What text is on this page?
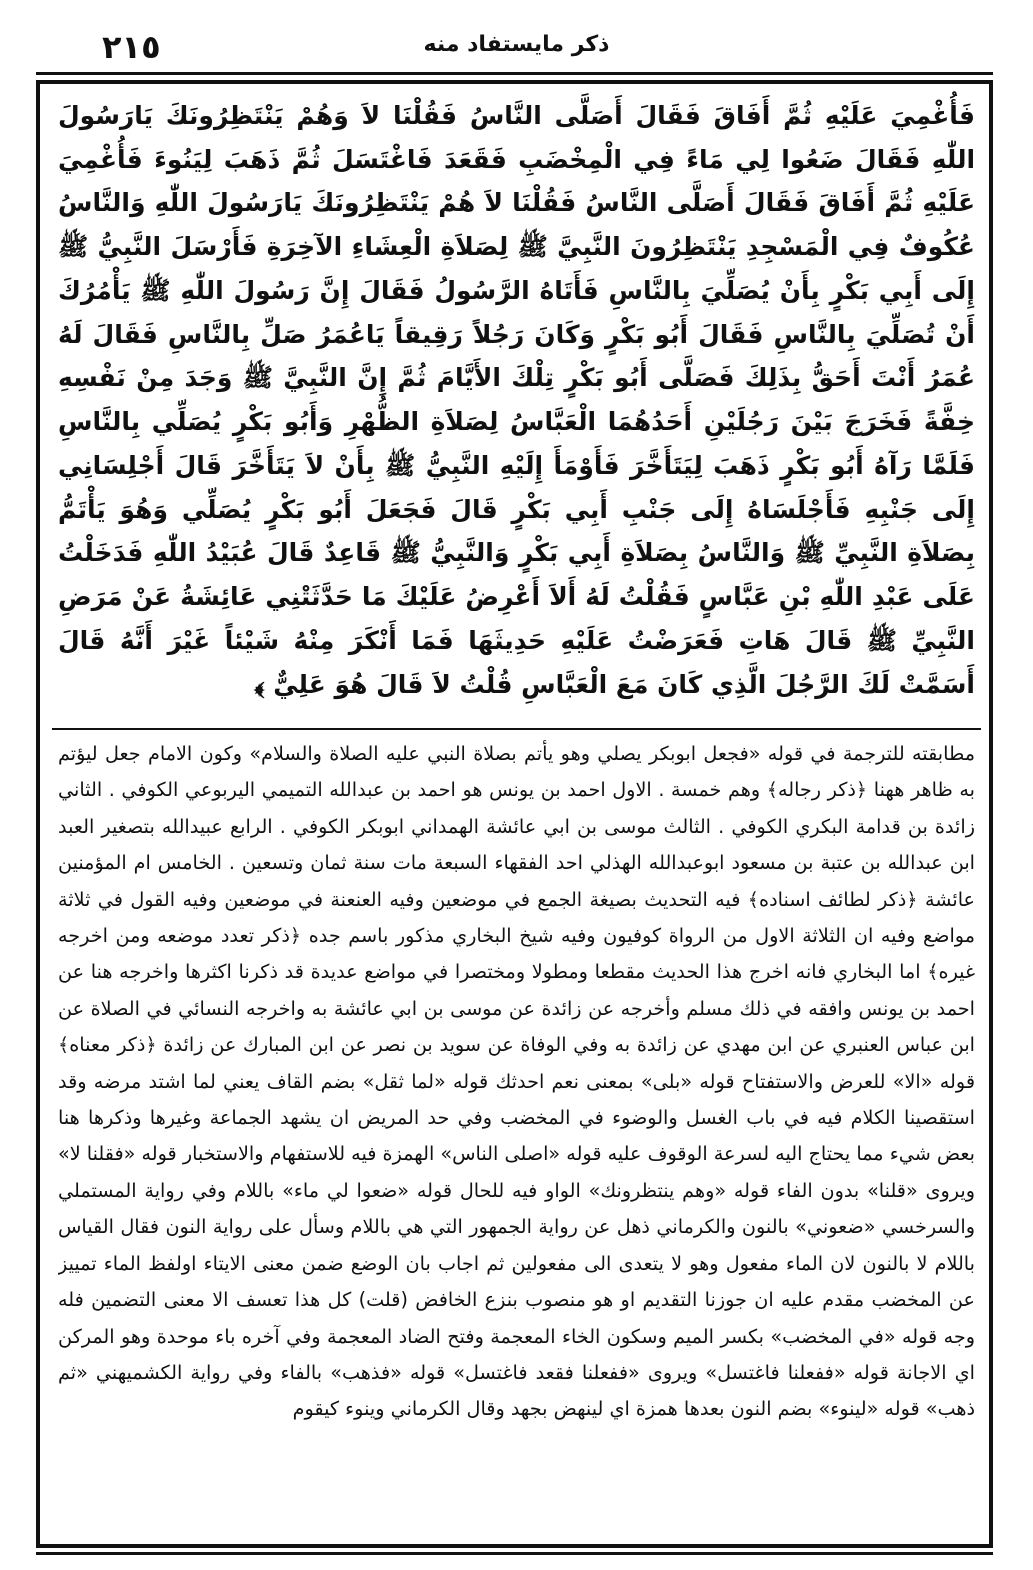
٢١٥	ذكر مايستفاد منه
فَأُغْمِيَ عَلَيْهِ ثُمَّ أَفَاقَ فَقَالَ أَصَلَّى النَّاسُ فَقُلْنَا لاَ وَهُمْ يَنْتَظِرُونَكَ يَارَسُولَ اللّٰهِ فَقَالَ ضَعُوا لِي مَاءً فِي الْمِخْضَبِ فَقَعَدَ فَاغْتَسَلَ ثُمَّ ذَهَبَ لِيَنُوءَ فَأُغْمِيَ عَلَيْهِ ثُمَّ أَفَاقَ فَقَالَ أَصَلَّى النَّاسُ فَقُلْنَا لاَ هُمْ يَنْتَظِرُونَكَ يَارَسُولَ اللّٰهِ وَالنَّاسُ عُكُوفٌ فِي الْمَسْجِدِ يَنْتَظِرُونَ النَّبِيَّ ﷺ لِصَلاَةِ الْعِشَاءِ الآخِرَةِ فَأَرْسَلَ النَّبِيُّ ﷺ إِلَى أَبِي بَكْرٍ بِأَنْ يُصَلِّيَ بِالنَّاسِ فَأَتَاهُ الرَّسُولُ فَقَالَ إِنَّ رَسُولَ اللّٰهِ ﷺ يَأْمُرُكَ أَنْ تُصَلِّيَ بِالنَّاسِ فَقَالَ أَبُو بَكْرٍ وَكَانَ رَجُلاً رَقِيقاً يَاعُمَرُ صَلِّ بِالنَّاسِ فَقَالَ لَهُ عُمَرُ أَنْتَ أَحَقُّ بِذَلِكَ فَصَلَّى أَبُو بَكْرٍ تِلْكَ الأَيَّامَ ثُمَّ إِنَّ النَّبِيَّ ﷺ وَجَدَ مِنْ نَفْسِهِ خِفَّةً فَخَرَجَ بَيْنَ رَجُلَيْنِ أَحَدُهُمَا الْعَبَّاسُ لِصَلاَةِ الظُّهْرِ وَأَبُو بَكْرٍ يُصَلِّي بِالنَّاسِ فَلَمَّا رَآهُ أَبُو بَكْرٍ ذَهَبَ لِيَتَأَخَّرَ فَأَوْمَأَ إِلَيْهِ النَّبِيُّ ﷺ بِأَنْ لاَ يَتَأَخَّرَ قَالَ أَجْلِسَانِي إِلَى جَنْبِهِ فَأَجْلَسَاهُ إِلَى جَنْبِ أَبِي بَكْرٍ قَالَ فَجَعَلَ أَبُو بَكْرٍ يُصَلِّي وَهُوَ يَأْتَمُّ بِصَلاَةِ النَّبِيِّ ﷺ وَالنَّاسُ بِصَلاَةِ أَبِي بَكْرٍ وَالنَّبِيُّ ﷺ قَاعِدٌ قَالَ عُبَيْدُ اللّٰهِ فَدَخَلْتُ عَلَى عَبْدِ اللّٰهِ بْنِ عَبَّاسٍ فَقُلْتُ لَهُ أَلاَ أَعْرِضُ عَلَيْكَ مَا حَدَّثَتْنِي عَائِشَةُ عَنْ مَرَضِ النَّبِيِّ ﷺ قَالَ هَاتِ فَعَرَضْتُ عَلَيْهِ حَدِيثَهَا فَمَا أَنْكَرَ مِنْهُ شَيْئاً غَيْرَ أَنَّهُ قَالَ أَسَمَّتْ لَكَ الرَّجُلَ الَّذِي كَانَ مَعَ الْعَبَّاسِ قُلْتُ لاَ قَالَ هُوَ عَلِيٌّ ﴾

مطابقته للترجمة في قوله «فجعل ابوبكر يصلي وهو يأتم بصلاة النبي عليه الصلاة والسلام» وكون الامام جعل ليؤتم به ظاهر ههنا ﴿ذكر رجاله﴾ وهم خمسة . الاول احمد بن يونس هو احمد بن عبدالله التميمي اليربوعي الكوفي . الثاني زائدة بن قدامة البكري الكوفي . الثالث موسى بن ابي عائشة الهمداني ابوبكر الكوفي . الرابع عبيدالله بتصغير العبد ابن عبدالله بن عتبة بن مسعود ابوعبدالله الهذلي احد الفقهاء السبعة مات سنة ثمان وتسعين . الخامس ام المؤمنين عائشة ﴿ذكر لطائف اسناده﴾ فيه التحديث بصيغة الجمع في موضعين وفيه العنعنة في موضعين وفيه القول في ثلاثة مواضع وفيه ان الثلاثة الاول من الرواة كوفيون وفيه شيخ البخاري مذكور باسم جده ﴿ذكر تعدد موضعه ومن اخرجه غيره﴾ اما البخاري فانه اخرج هذا الحديث مقطعا ومطولا ومختصرا في مواضع عديدة قد ذكرنا اكثرها واخرجه هنا عن احمد بن يونس وافقه في ذلك مسلم وأخرجه عن زائدة عن موسى بن ابي عائشة به واخرجه النسائي في الصلاة عن ابن عباس العنبري عن ابن مهدي عن زائدة به وفي الوفاة عن سويد بن نصر عن ابن المبارك عن زائدة ﴿ذكر معناه﴾ قوله «الا» للعرض والاستفتاح قوله «بلى» بمعنى نعم احدثك قوله «لما ثقل» بضم القاف يعني لما اشتد مرضه وقد استقصينا الكلام فيه في باب الغسل والوضوء في المخضب وفي حد المريض ان يشهد الجماعة وغيرها وذكرها هنا بعض شيء مما يحتاج اليه لسرعة الوقوف عليه قوله «اصلى الناس» الهمزة فيه للاستفهام والاستخبار قوله «فقلنا لا» ويروى «قلنا» بدون الفاء قوله «وهم ينتظرونك» الواو فيه للحال قوله «ضعوا لي ماء» باللام وفي رواية المستملي والسرخسي «ضعوني» بالنون والكرماني ذهل عن رواية الجمهور التي هي باللام وسأل على رواية النون فقال القياس باللام لا بالنون لان الماء مفعول وهو لا يتعدى الى مفعولين ثم اجاب بان الوضع ضمن معنى الايتاء اولفظ الماء تمييز عن المخضب مقدم عليه ان جوزنا التقديم او هو منصوب بنزع الخافض (قلت) كل هذا تعسف الا معنى التضمين فله وجه قوله «في المخضب» بكسر الميم وسكون الخاء المعجمة وفتح الضاد المعجمة وفي آخره باء موحدة وهو المركن اي الاجانة قوله «ففعلنا فاغتسل» ويروى «ففعلنا فقعد فاغتسل» قوله «فذهب» بالفاء وفي رواية الكشميهني «ثم ذهب» قوله «لينوء» بضم النون بعدها همزة اي لينهض بجهد وقال الكرماني وينوء كيقوم
